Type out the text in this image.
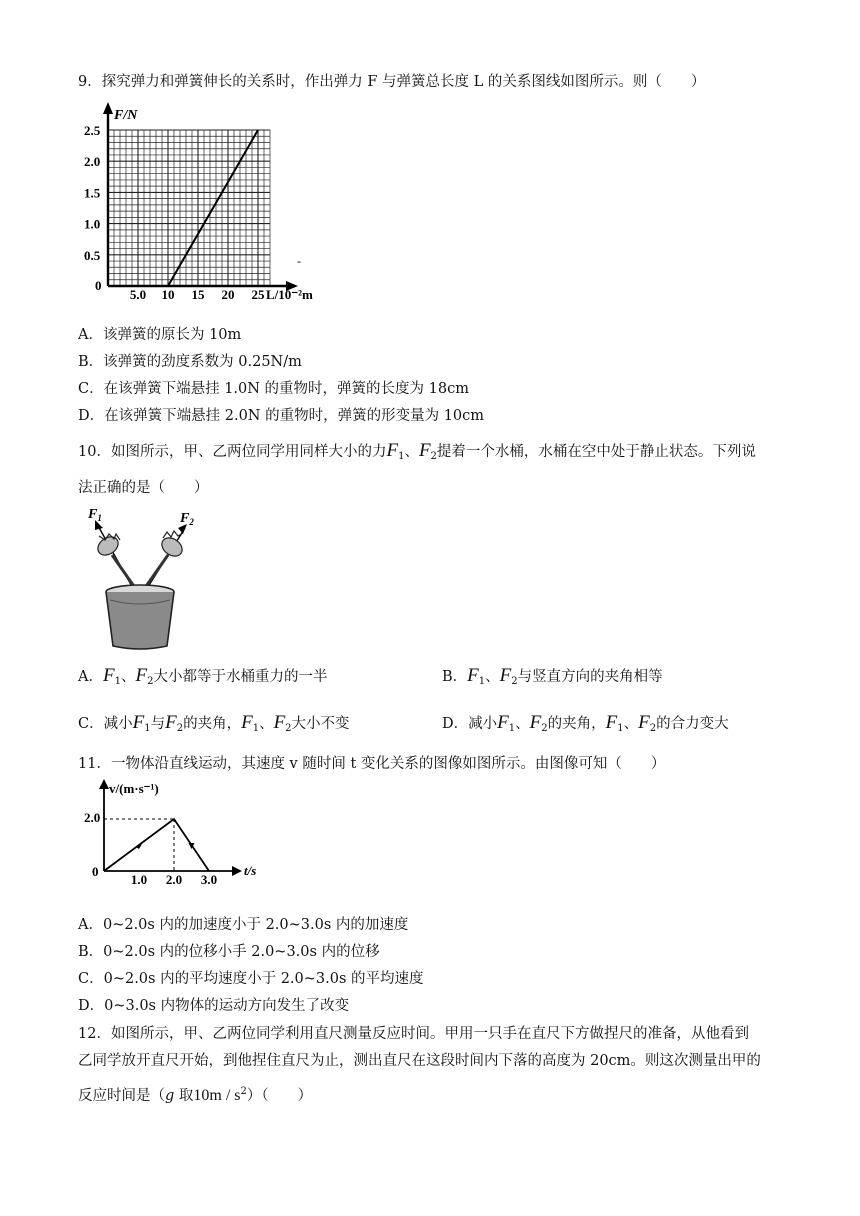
9．探究弹力和弹簧伸长的关系时，作出弹力 F 与弹簧总长度 L 的关系图线如图所示。则（　　）
F/N
0
0.5
1.0
1.5
2.0
2.5
5.0 10 15 20 25 L/10⁻²m
-
A．该弹簧的原长为 10m
B．该弹簧的劲度系数为 0.25N/m
C．在该弹簧下端悬挂 1.0N 的重物时，弹簧的长度为 18cm
D．在该弹簧下端悬挂 2.0N 的重物时，弹簧的形变量为 10cm
10．如图所示，甲、乙两位同学用同样大小的力$F_1$、$F_2$提着一个水桶，水桶在空中处于静止状态。下列说
法正确的是（　　）
$F_1$	$F_2$
A．$F_1$、$F_2$大小都等于水桶重力的一半	B．$F_1$、$F_2$与竖直方向的夹角相等
C．减小$F_1$与$F_2$的夹角，$F_1$、$F_2$大小不变	D．减小$F_1$、$F_2$的夹角，$F_1$、$F_2$的合力变大
11．一物体沿直线运动，其速度 v 随时间 t 变化关系的图像如图所示。由图像可知（　　）
v/(m·s⁻¹)
0
2.0
1.0 2.0 3.0
t/s
A．0~2.0s 内的加速度小于 2.0~3.0s 内的加速度
B．0~2.0s 内的位移小手 2.0~3.0s 内的位移
C．0~2.0s 内的平均速度小于 2.0~3.0s 的平均速度
D．0~3.0s 内物体的运动方向发生了改变
12．如图所示，甲、乙两位同学利用直尺测量反应时间。甲用一只手在直尺下方做捏尺的准备，从他看到
乙同学放开直尺开始，到他捏住直尺为止，测出直尺在这段时间内下落的高度为 20cm。则这次测量出甲的
反应时间是（g 取$10m / s^2$）（　　）
